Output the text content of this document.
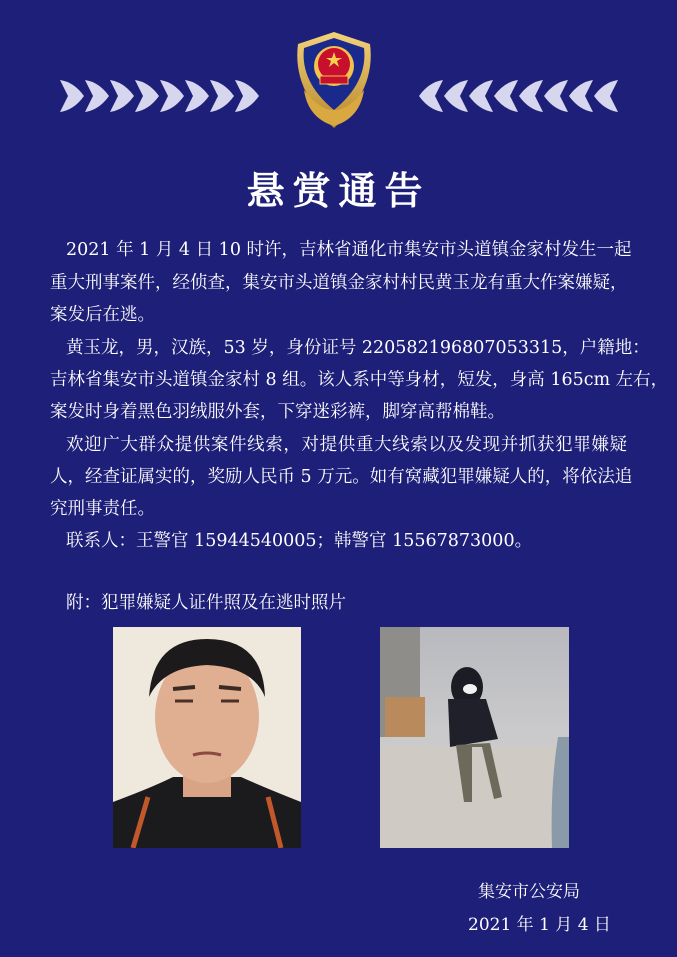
悬赏通告
2021 年 1 月 4 日 10 时许，吉林省通化市集安市头道镇金家村发生一起
重大刑事案件，经侦查，集安市头道镇金家村村民黄玉龙有重大作案嫌疑，
案发后在逃。
黄玉龙，男，汉族，53 岁，身份证号 220582196807053315，户籍地：
吉林省集安市头道镇金家村 8 组。该人系中等身材，短发，身高 165cm 左右，
案发时身着黑色羽绒服外套，下穿迷彩裤，脚穿高帮棉鞋。
欢迎广大群众提供案件线索，对提供重大线索以及发现并抓获犯罪嫌疑
人，经查证属实的，奖励人民币 5 万元。如有窝藏犯罪嫌疑人的，将依法追
究刑事责任。
联系人：王警官 15944540005；韩警官 15567873000。
附：犯罪嫌疑人证件照及在逃时照片
集安市公安局
2021 年 1 月 4 日
